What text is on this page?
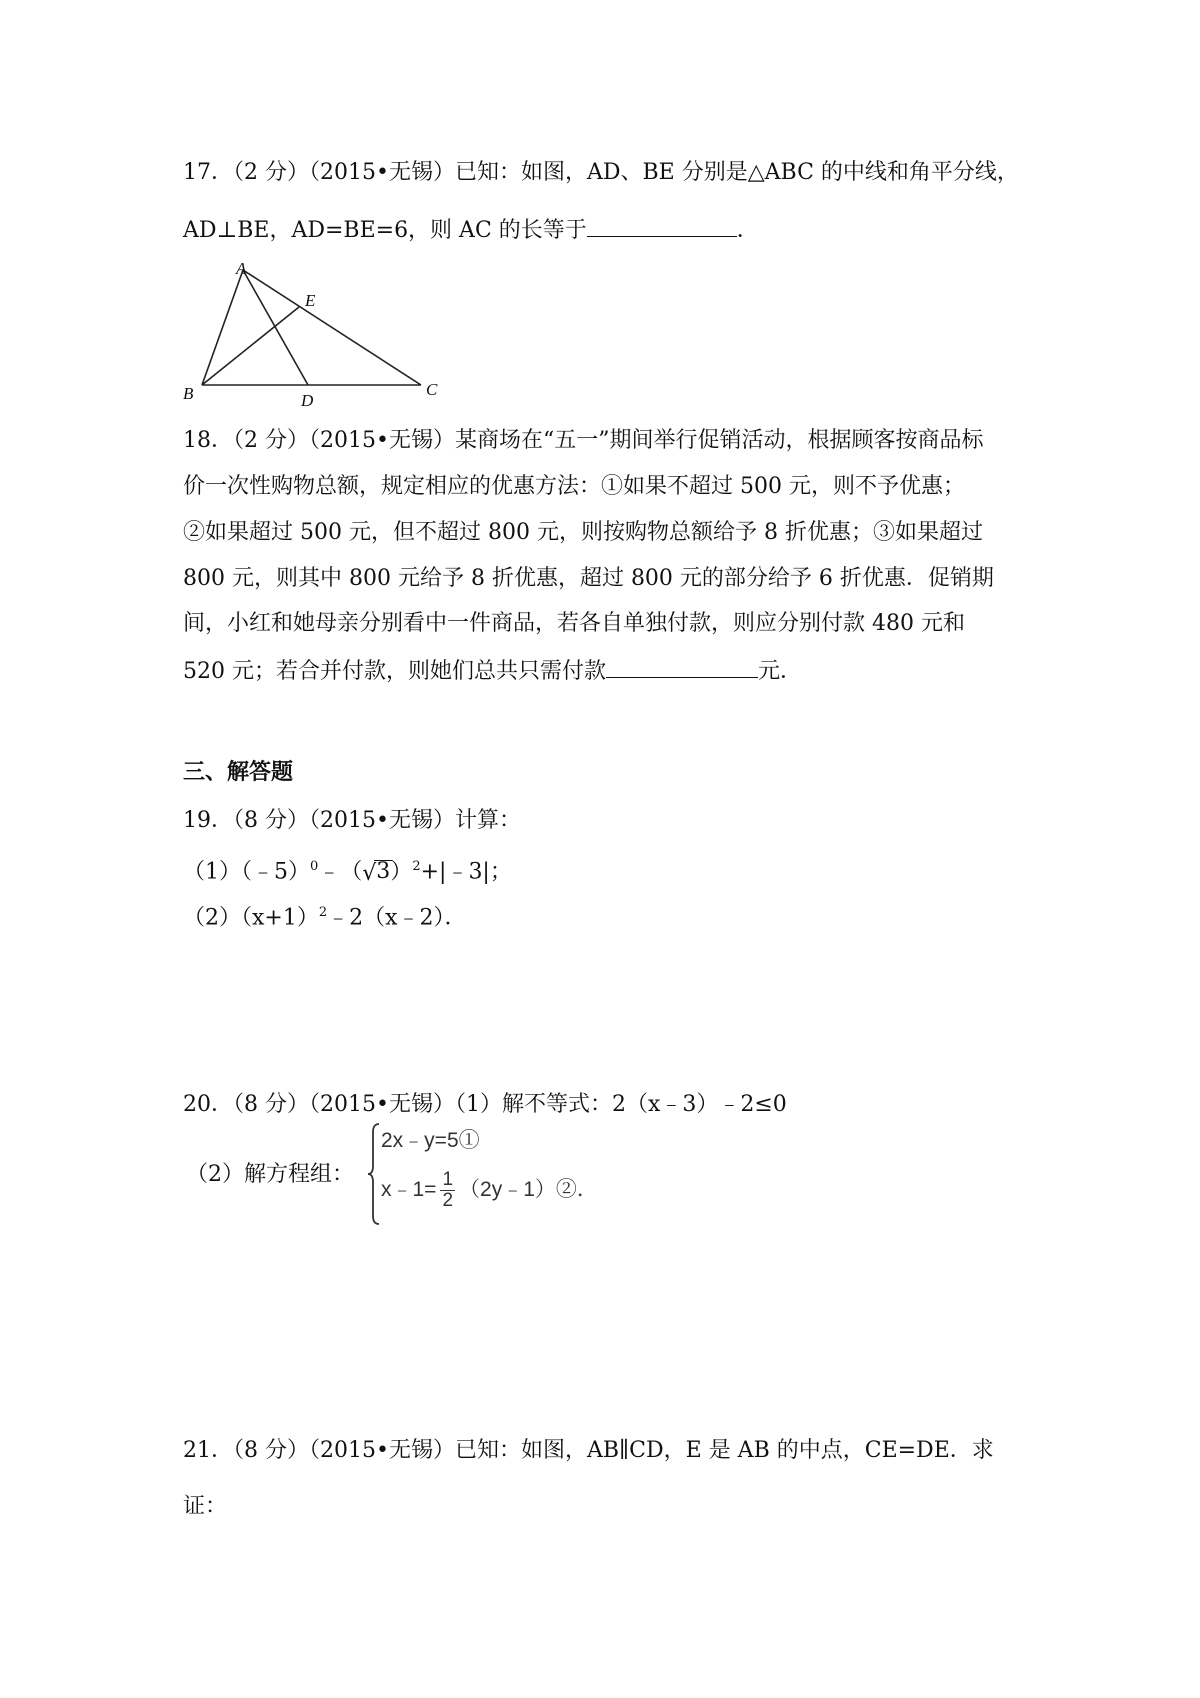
17．（2 分）（2015•无锡）已知：如图，AD、BE 分别是△ABC 的中线和角平分线，
AD⊥BE，AD=BE=6，则 AC 的长等于	．
A
E
B	D
C
18．（2 分）（2015•无锡）某商场在“五一”期间举行促销活动，根据顾客按商品标
价一次性购物总额，规定相应的优惠方法：①如果不超过 500 元，则不予优惠；
②如果超过 500 元，但不超过 800 元，则按购物总额给予 8 折优惠；③如果超过
800 元，则其中 800 元给予 8 折优惠，超过 800 元的部分给予 6 折优惠．促销期
间，小红和她母亲分别看中一件商品，若各自单独付款，则应分别付款 480 元和
520 元；若合并付款，则她们总共只需付款	元．
三、解答题
19．（8 分）（2015•无锡）计算：
（1）（﹣5）$^0$﹣（ √ 3）$^2$+|﹣3|；
$(2)(x+1)^2﹣2(x﹣2)$．
20．（8 分）（2015•无锡）（1）解不等式：2（x﹣3）﹣2≤0
（2）解方程组：
2x﹣y=5①
x﹣1= $\frac{1}{2}$ （2y﹣1）②．
21．（8 分）（2015•无锡）已知：如图，AB∥CD，E 是 AB 的中点，CE=DE．求
证：
